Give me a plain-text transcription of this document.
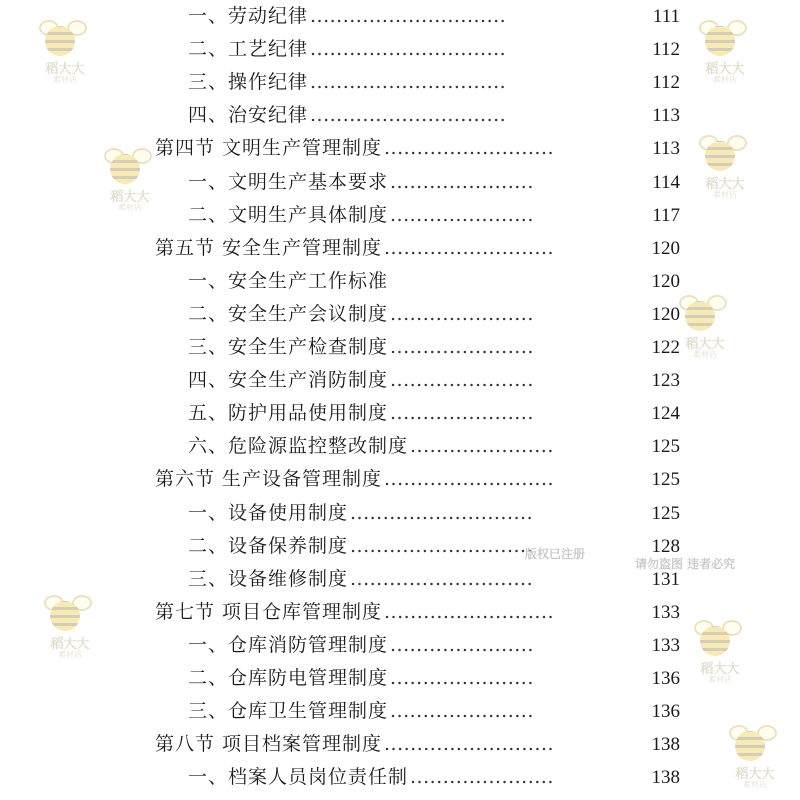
一、劳动纪律 ..............................	111
二、工艺纪律 ..............................	112
三、操作纪律 ..............................	112
四、治安纪律 ..............................	113
第四节 文明生产管理制度 ..........................	113
一、文明生产基本要求 ......................	114
二、文明生产具体制度 ......................	117
第五节 安全生产管理制度 ..........................	120
一、安全生产工作标准	120
二、安全生产会议制度 ......................	120
三、安全生产检查制度 ......................	122
四、安全生产消防制度 ......................	123
五、防护用品使用制度 ......................	124
六、危险源监控整改制度 ......................	125
第六节 生产设备管理制度 ..........................	125
一、设备使用制度 ............................	125
二、设备保养制度 ............................	128
三、设备维修制度 ............................	131
第七节 项目仓库管理制度 ..........................	133
一、仓库消防管理制度 ......................	133
二、仓库防电管理制度 ......................	136
三、仓库卫生管理制度 ......................	136
第八节 项目档案管理制度 ..........................	138
一、档案人员岗位责任制 ......................	138
稻大大
素材店
稻大大
素材店
稻大大
素材店
稻大大
素材店
稻大大
素材店
稻大大
素材店
稻大大
素材店
稻大大
素材店
版权已注册
请勿盗图 违者必究
